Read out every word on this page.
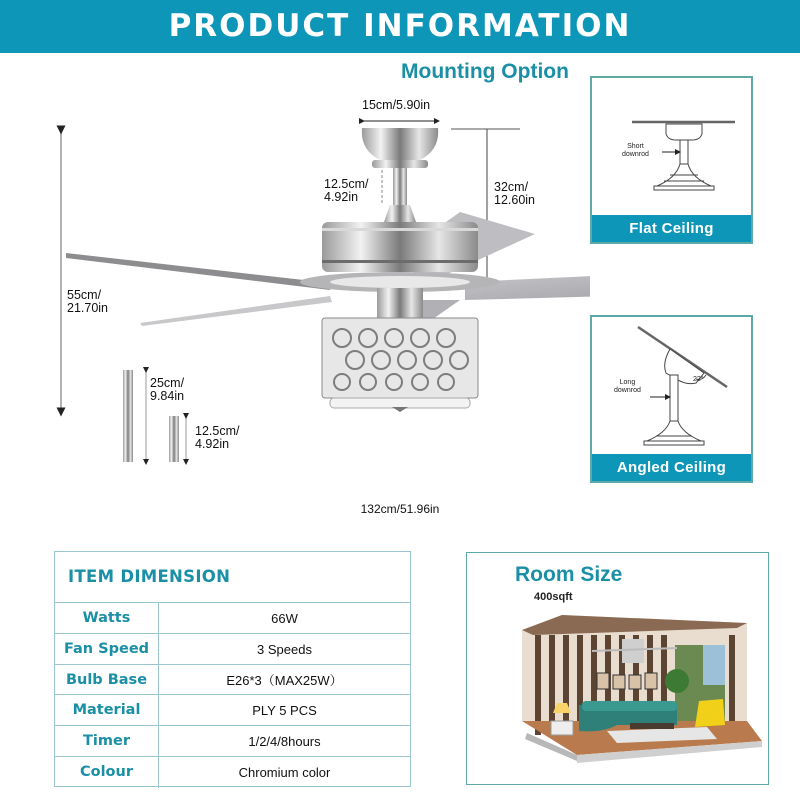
PRODUCT INFORMATION
Mounting Option
15cm/5.90in
12.5cm/
4.92in
32cm/
12.60in
55cm/
21.70in
25cm/
9.84in
12.5cm/
4.92in
132cm/51.96in
Short
downrod
Flat Ceiling
Long
downrod
22°
Angled Ceiling
ITEM DIMENSION
Watts	66W
Fan Speed	3 Speeds
Bulb Base	E26*3（MAX25W）
Material	PLY 5 PCS
Timer	1/2/4/8hours
Colour	Chromium color
Room Size
400sqft
